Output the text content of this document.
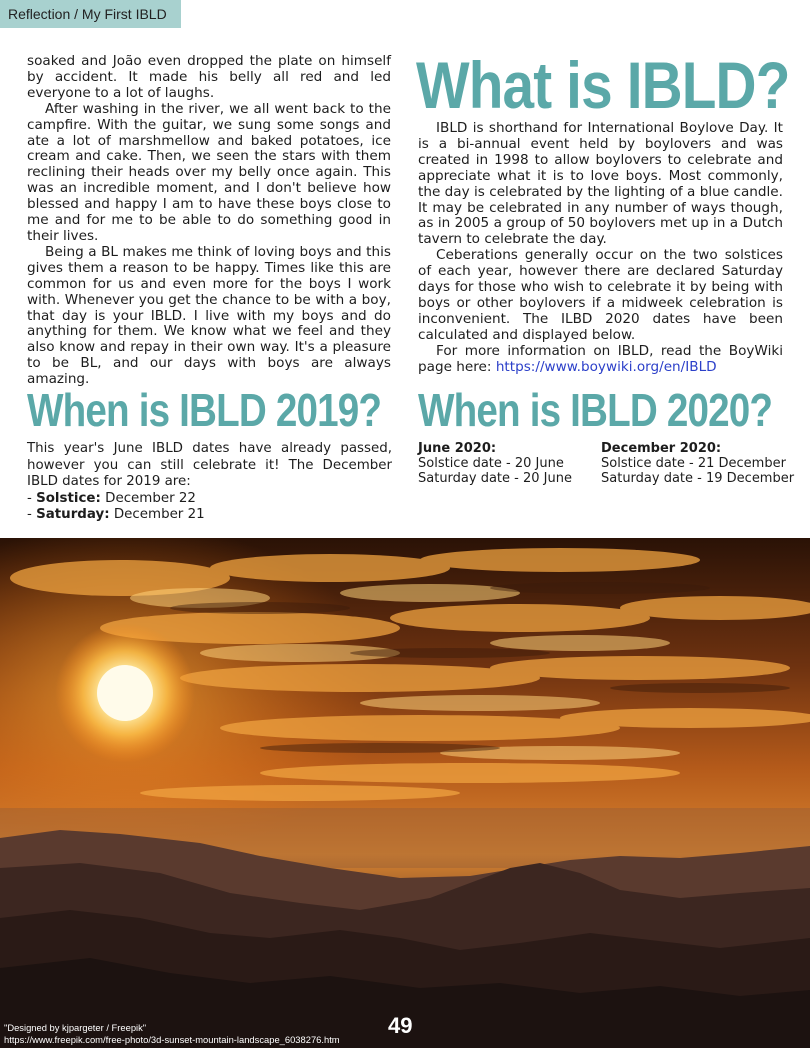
Reflection / My First IBLD

soaked and João even dropped the plate on himself by accident. It made his belly all red and led everyone to a lot of laughs.

After washing in the river, we all went back to the campfire. With the guitar, we sung some songs and ate a lot of marshmellow and baked potatoes, ice cream and cake. Then, we seen the stars with them reclining their heads over my belly once again. This was an incredible moment, and I don't believe how blessed and happy I am to have these boys close to me and for me to be able to do something good in their lives.

Being a BL makes me think of loving boys and this gives them a reason to be happy. Times like this are common for us and even more for the boys I work with. Whenever you get the chance to be with a boy, that day is your IBLD. I live with my boys and do anything for them. We know what we feel and they also know and repay in their own way. It's a pleasure to be BL, and our days with boys are always amazing.

What is IBLD?

IBLD is shorthand for International Boylove Day. It is a bi-annual event held by boylovers and was created in 1998 to allow boylovers to celebrate and appreciate what it is to love boys. Most commonly, the day is celebrated by the lighting of a blue candle. It may be celebrated in any number of ways though, as in 2005 a group of 50 boylovers met up in a Dutch tavern to celebrate the day.

Ceberations generally occur on the two solstices of each year, however there are declared Saturday days for those who wish to celebrate it by being with boys or other boylovers if a midweek celebration is inconvenient. The ILBD 2020 dates have been calculated and displayed below.

For more information on IBLD, read the BoyWiki page here: https://www.boywiki.org/en/IBLD

When is IBLD 2019?

This year's June IBLD dates have already passed, however you can still celebrate it! The December IBLD dates for 2019 are:

- Solstice: December 22

- Saturday: December 21

When is IBLD 2020?
June 2020:
Solstice date - 20 June
Saturday date - 20 June
December 2020:
Solstice date - 21 December
Saturday date - 19 December
"Designed by kjpargeter / Freepik"
https://www.freepik.com/free-photo/3d-sunset-mountain-landscape_6038276.htm
49
